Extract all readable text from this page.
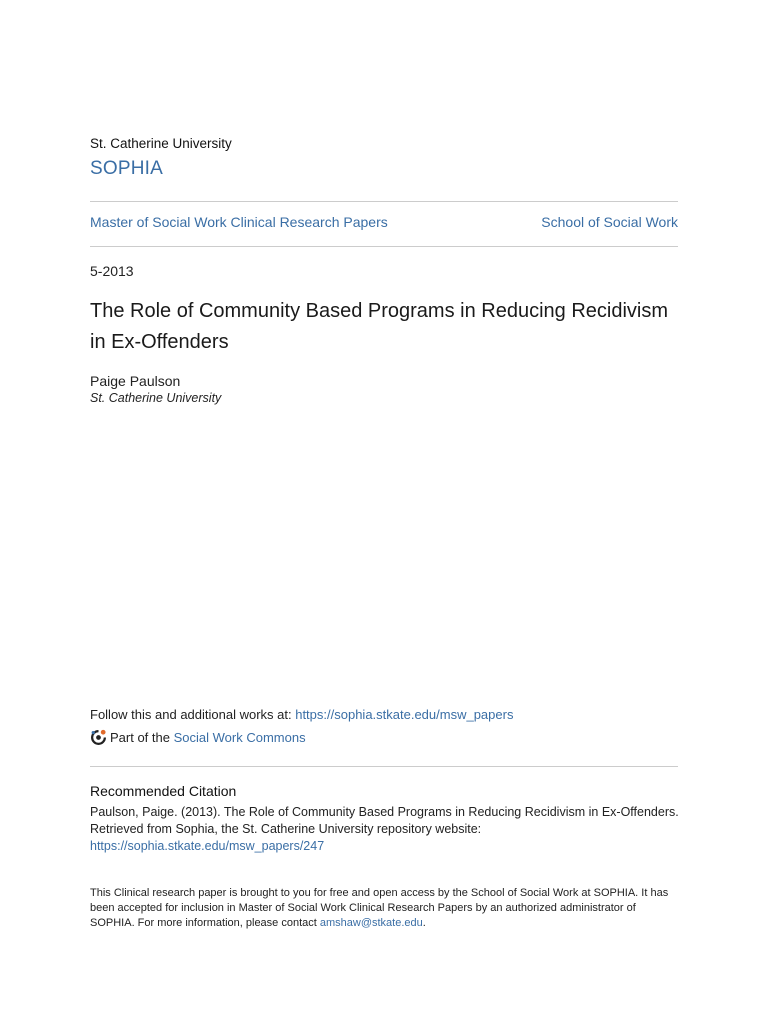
St. Catherine University
SOPHIA
Master of Social Work Clinical Research Papers	School of Social Work
5-2013
The Role of Community Based Programs in Reducing Recidivism in Ex-Offenders
Paige Paulson
St. Catherine University
Follow this and additional works at: https://sophia.stkate.edu/msw_papers
Part of the
Social Work Commons
Recommended Citation
Paulson, Paige. (2013). The Role of Community Based Programs in Reducing Recidivism in Ex-Offenders. Retrieved from Sophia, the St. Catherine University repository website: https://sophia.stkate.edu/msw_papers/247
This Clinical research paper is brought to you for free and open access by the School of Social Work at SOPHIA. It has been accepted for inclusion in Master of Social Work Clinical Research Papers by an authorized administrator of SOPHIA. For more information, please contact amshaw@stkate.edu.
